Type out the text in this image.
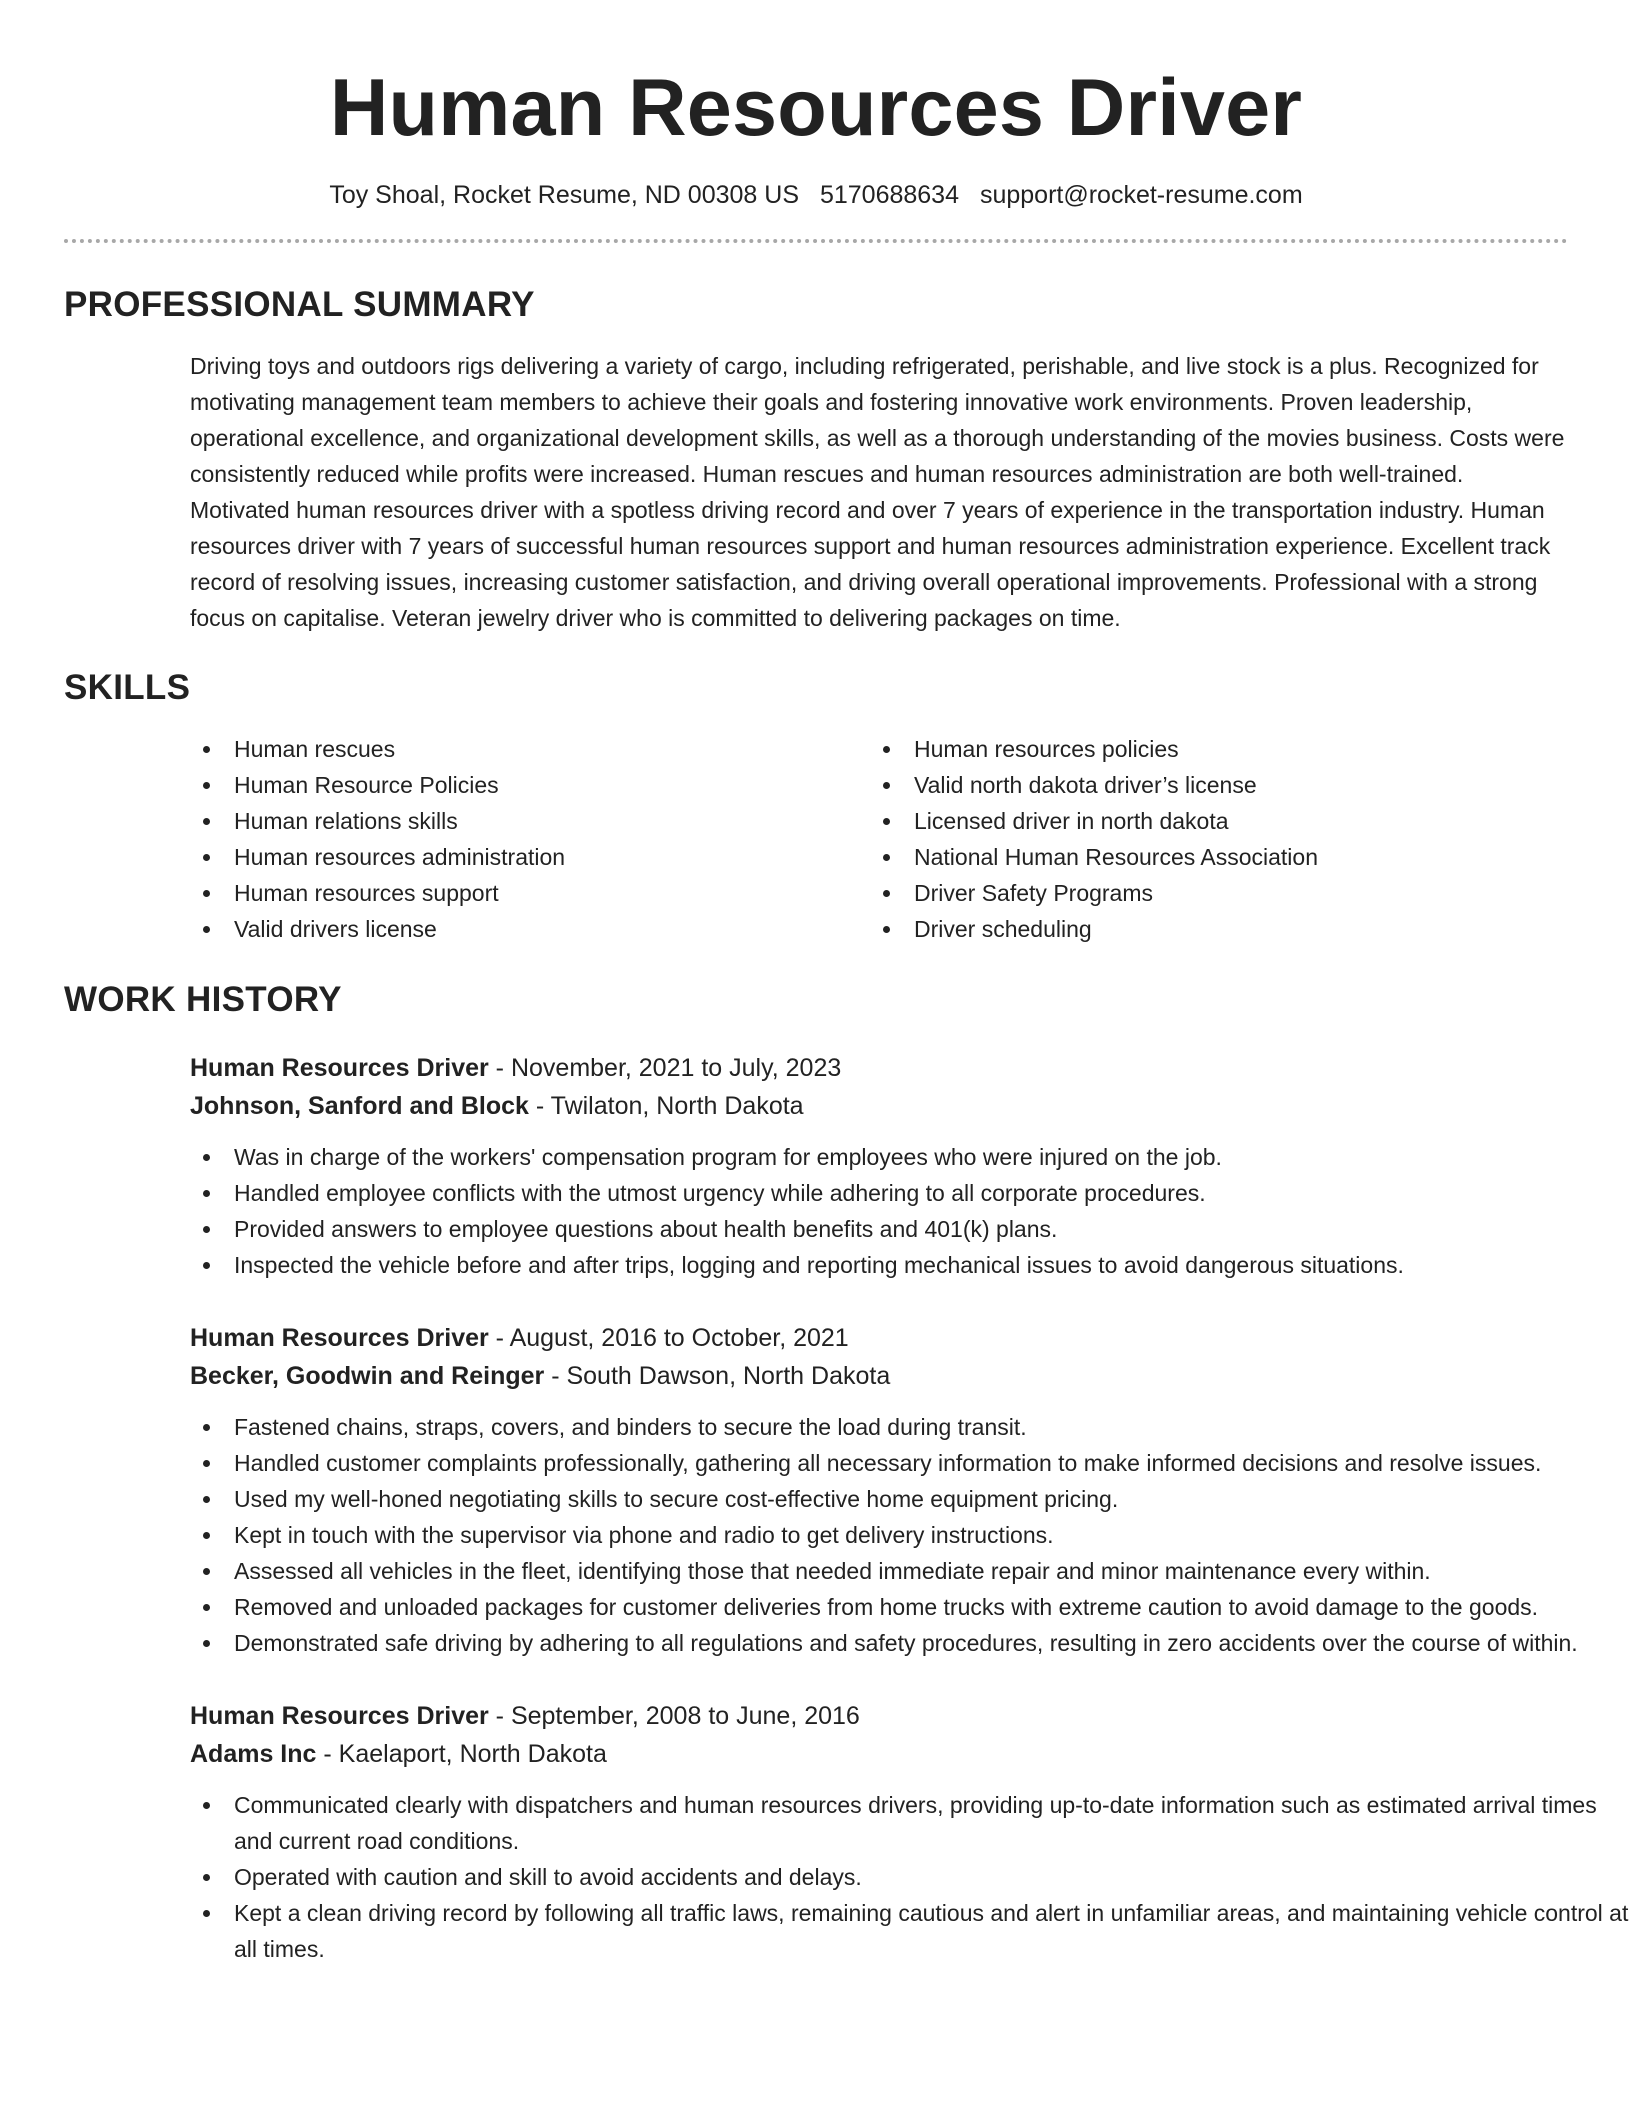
Human Resources Driver
Toy Shoal, Rocket Resume, ND 00308 US 5170688634 support@rocket-resume.com
PROFESSIONAL SUMMARY

Driving toys and outdoors rigs delivering a variety of cargo, including refrigerated, perishable, and live stock is a plus. Recognized for motivating management team members to achieve their goals and fostering innovative work environments. Proven leadership, operational excellence, and organizational development skills, as well as a thorough understanding of the movies business. Costs were consistently reduced while profits were increased. Human rescues and human resources administration are both well-trained. Motivated human resources driver with a spotless driving record and over 7 years of experience in the transportation industry. Human resources driver with 7 years of successful human resources support and human resources administration experience. Excellent track record of resolving issues, increasing customer satisfaction, and driving overall operational improvements. Professional with a strong focus on capitalise. Veteran jewelry driver who is committed to delivering packages on time.

SKILLS
Human rescues
Human Resource Policies
Human relations skills
Human resources administration
Human resources support
Valid drivers license
Human resources policies
Valid north dakota driver’s license
Licensed driver in north dakota
National Human Resources Association
Driver Safety Programs
Driver scheduling
WORK HISTORY
Human Resources Driver - November, 2021 to July, 2023
Johnson, Sanford and Block - Twilaton, North Dakota
Was in charge of the workers' compensation program for employees who were injured on the job.
Handled employee conflicts with the utmost urgency while adhering to all corporate procedures.
Provided answers to employee questions about health benefits and 401(k) plans.
Inspected the vehicle before and after trips, logging and reporting mechanical issues to avoid dangerous situations.
Human Resources Driver - August, 2016 to October, 2021
Becker, Goodwin and Reinger - South Dawson, North Dakota
Fastened chains, straps, covers, and binders to secure the load during transit.
Handled customer complaints professionally, gathering all necessary information to make informed decisions and resolve issues.
Used my well-honed negotiating skills to secure cost-effective home equipment pricing.
Kept in touch with the supervisor via phone and radio to get delivery instructions.
Assessed all vehicles in the fleet, identifying those that needed immediate repair and minor maintenance every within.
Removed and unloaded packages for customer deliveries from home trucks with extreme caution to avoid damage to the goods.
Demonstrated safe driving by adhering to all regulations and safety procedures, resulting in zero accidents over the course of within.
Human Resources Driver - September, 2008 to June, 2016
Adams Inc - Kaelaport, North Dakota
Communicated clearly with dispatchers and human resources drivers, providing up-to-date information such as estimated arrival times and current road conditions.
Operated with caution and skill to avoid accidents and delays.
Kept a clean driving record by following all traffic laws, remaining cautious and alert in unfamiliar areas, and maintaining vehicle control at all times.
